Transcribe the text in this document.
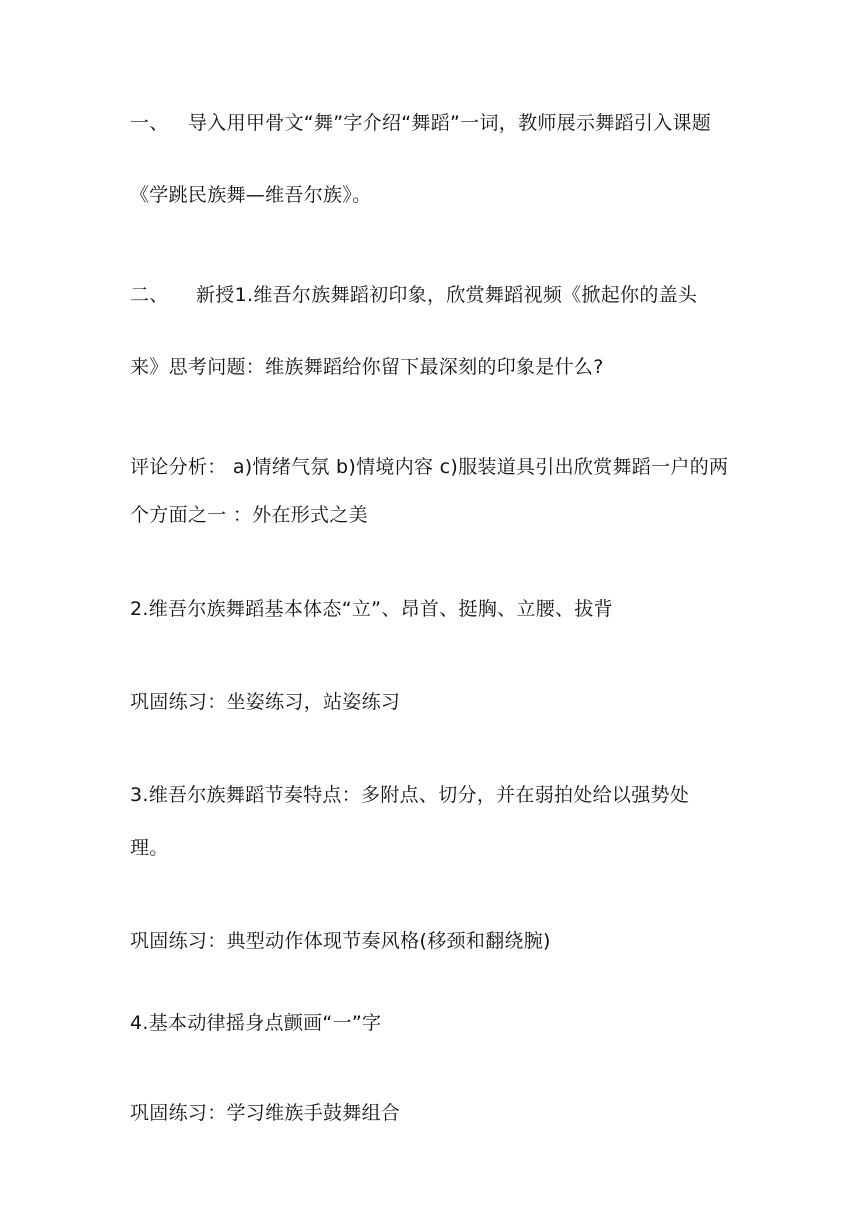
一、 导入用甲骨文“舞”字介绍“舞蹈”一词，教师展示舞蹈引入课题
《学跳民族舞—维吾尔族》。
二、 新授1.维吾尔族舞蹈初印象，欣赏舞蹈视频《掀起你的盖头
来》思考问题：维族舞蹈给你留下最深刻的印象是什么?
评论分析： a)情绪气氛 b)情境内容 c)服装道具引出欣赏舞蹈一户的两
个方面之一 ：外在形式之美
2.维吾尔族舞蹈基本体态“立”、昂首、挺胸、立腰、拔背
巩固练习：坐姿练习，站姿练习
3.维吾尔族舞蹈节奏特点：多附点、切分，并在弱拍处给以强势处
理。
巩固练习：典型动作体现节奏风格(移颈和翻绕腕)
4.基本动律摇身点颤画“一”字
巩固练习：学习维族手鼓舞组合
